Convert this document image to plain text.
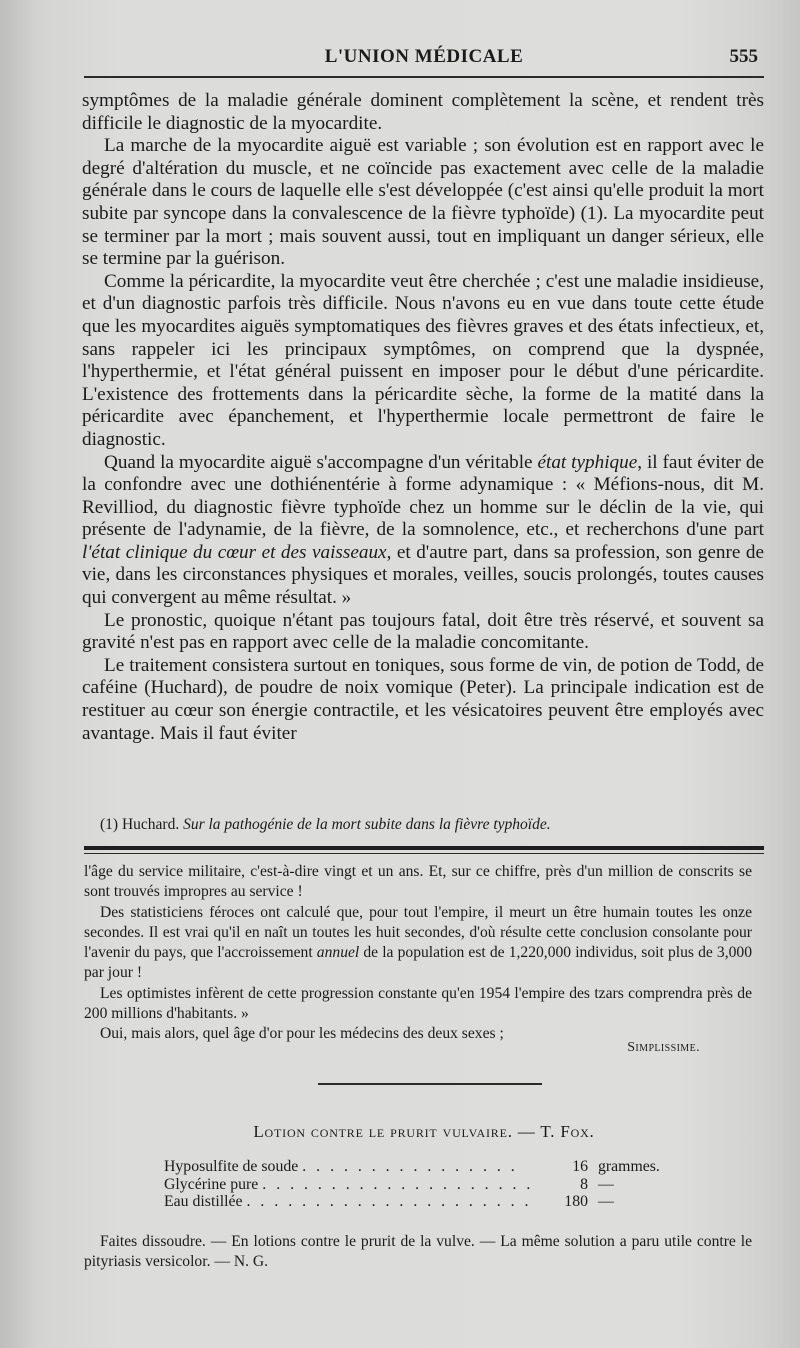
L'UNION MÉDICALE	555

symptômes de la maladie générale dominent complètement la scène, et rendent très difficile le diagnostic de la myocardite.

La marche de la myocardite aiguë est variable ; son évolution est en rapport avec le degré d'altération du muscle, et ne coïncide pas exactement avec celle de la maladie générale dans le cours de laquelle elle s'est développée (c'est ainsi qu'elle produit la mort subite par syncope dans la convalescence de la fièvre typhoïde) (1). La myocardite peut se terminer par la mort ; mais souvent aussi, tout en impliquant un danger sérieux, elle se termine par la guérison.

Comme la péricardite, la myocardite veut être cherchée ; c'est une maladie insidieuse, et d'un diagnostic parfois très difficile. Nous n'avons eu en vue dans toute cette étude que les myocardites aiguës symptomatiques des fièvres graves et des états infectieux, et, sans rappeler ici les principaux symptômes, on comprend que la dyspnée, l'hyperthermie, et l'état général puissent en imposer pour le début d'une péricardite. L'existence des frottements dans la péricardite sèche, la forme de la matité dans la péricardite avec épanchement, et l'hyperthermie locale permettront de faire le diagnostic.

Quand la myocardite aiguë s'accompagne d'un véritable état typhique, il faut éviter de la confondre avec une dothiénentérie à forme adynamique : « Méfions-nous, dit M. Revilliod, du diagnostic fièvre typhoïde chez un homme sur le déclin de la vie, qui présente de l'adynamie, de la fièvre, de la somnolence, etc., et recherchons d'une part l'état clinique du cœur et des vaisseaux, et d'autre part, dans sa profession, son genre de vie, dans les circonstances physiques et morales, veilles, soucis prolongés, toutes causes qui convergent au même résultat. »

Le pronostic, quoique n'étant pas toujours fatal, doit être très réservé, et souvent sa gravité n'est pas en rapport avec celle de la maladie concomitante.

Le traitement consistera surtout en toniques, sous forme de vin, de potion de Todd, de caféine (Huchard), de poudre de noix vomique (Peter). La principale indication est de restituer au cœur son énergie contractile, et les vésicatoires peuvent être employés avec avantage. Mais il faut éviter

(1) Huchard. Sur la pathogénie de la mort subite dans la fièvre typhoïde.

l'âge du service militaire, c'est-à-dire vingt et un ans. Et, sur ce chiffre, près d'un million de conscrits se sont trouvés impropres au service !

Des statisticiens féroces ont calculé que, pour tout l'empire, il meurt un être humain toutes les onze secondes. Il est vrai qu'il en naît un toutes les huit secondes, d'où résulte cette conclusion consolante pour l'avenir du pays, que l'accroissement annuel de la population est de 1,220,000 individus, soit plus de 3,000 par jour !

Les optimistes infèrent de cette progression constante qu'en 1954 l'empire des tzars comprendra près de 200 millions d'habitants. »

Oui, mais alors, quel âge d'or pour les médecins des deux sexes ;

Simplissime.
Lotion contre le prurit vulvaire. — T. Fox.
Hyposulfite de soude . . . . . . . . . . . . . . . .	16 grammes.
Glycérine pure . . . . . . . . . . . . . . . . . . . .	8 —
Eau distillée . . . . . . . . . . . . . . . . . . . . .	180 —

Faites dissoudre. — En lotions contre le prurit de la vulve. — La même solution a paru utile contre le pityriasis versicolor. — N. G.
